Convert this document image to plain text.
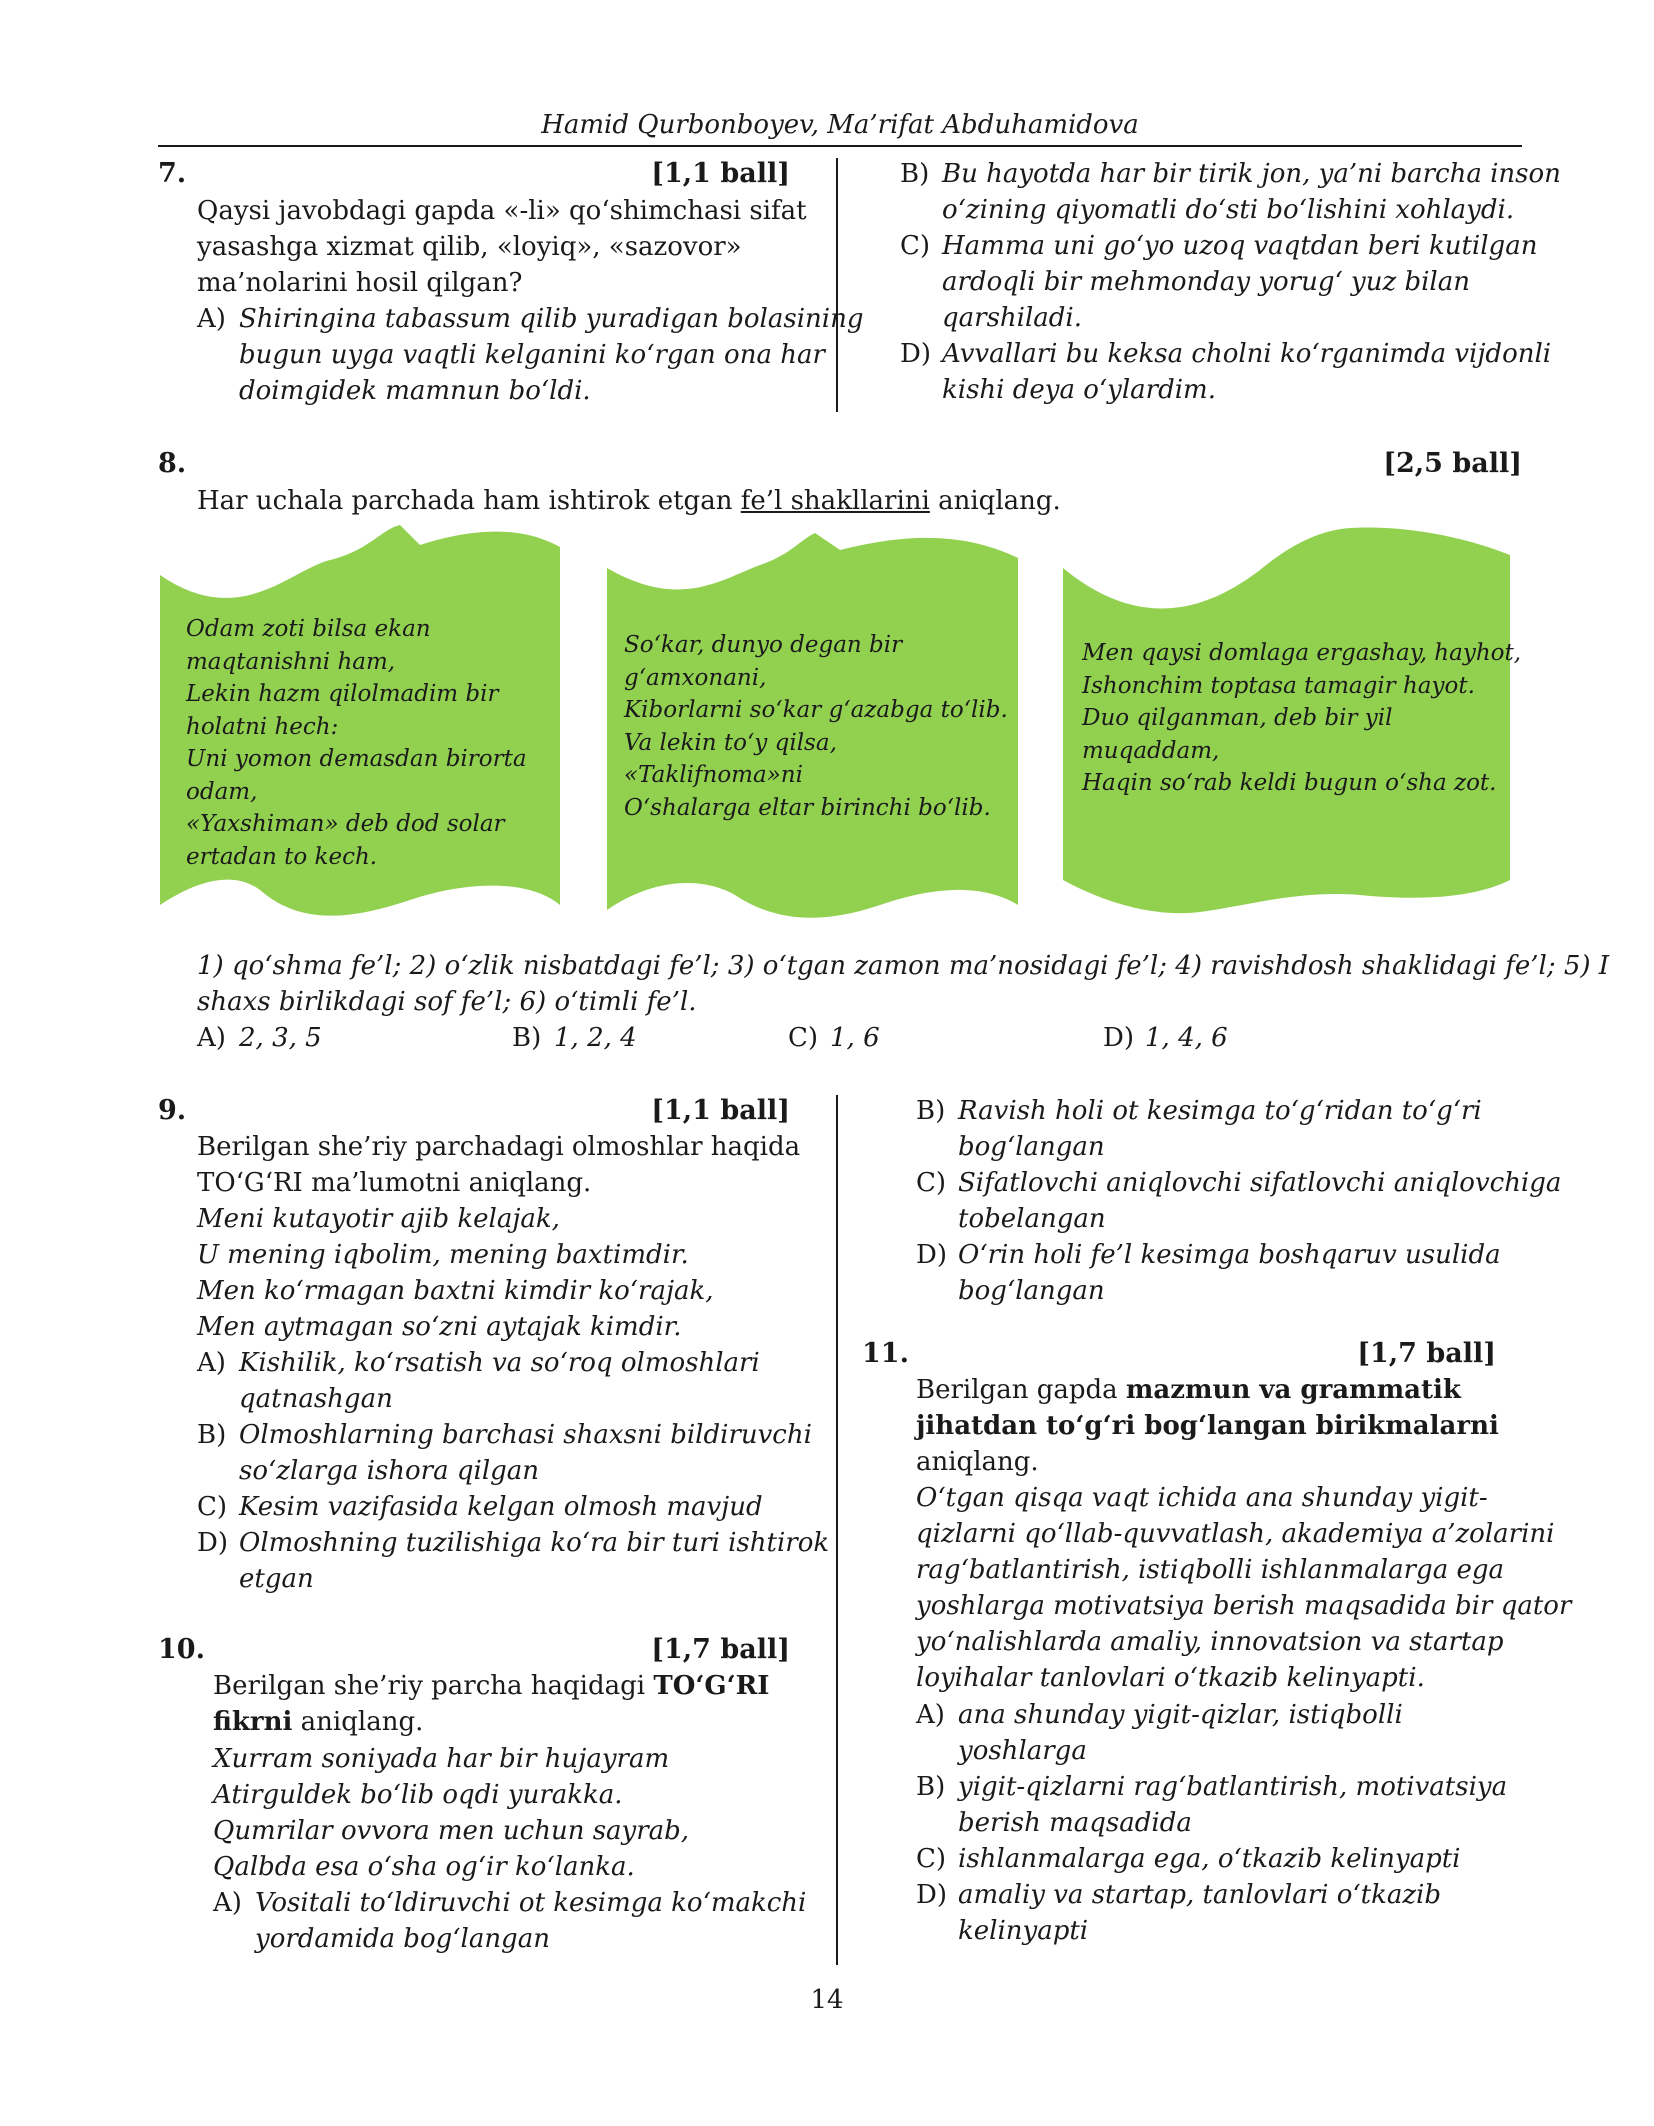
Hamid Qurbonboyev, Ma’rifat Abduhamidova
7.	[1,1 ball]
Qaysi javobdagi gapda «-li» qo‘shimchasi sifat
yasashga xizmat qilib, «loyiq», «sazovor»
ma’nolarini hosil qilgan?
A) Shiringina tabassum qilib yuradigan bolasining
bugun uyga vaqtli kelganini ko‘rgan ona har
doimgidek mamnun bo‘ldi.
B) Bu hayotda har bir tirik jon, ya’ni barcha inson
o‘zining qiyomatli do‘sti bo‘lishini xohlaydi.
C) Hamma uni go‘yo uzoq vaqtdan beri kutilgan
ardoqli bir mehmonday yorug‘ yuz bilan
qarshiladi.
D) Avvallari bu keksa cholni ko‘rganimda vijdonli
kishi deya o‘ylardim.
8.	[2,5 ball]
Har uchala parchada ham ishtirok etgan fe’l shakllarini aniqlang.
Odam zoti bilsa ekan
maqtanishni ham,
Lekin hazm qilolmadim bir
holatni hech:
Uni yomon demasdan birorta
odam,
«Yaxshiman» deb dod solar
ertadan to kech.
So‘kar, dunyo degan bir
g‘amxonani,
Kiborlarni so‘kar g‘azabga to‘lib.
Va lekin to‘y qilsa,
«Taklifnoma»ni
O‘shalarga eltar birinchi bo‘lib.
Men qaysi domlaga ergashay, hayhot,
Ishonchim toptasa tamagir hayot.
Duo qilganman, deb bir yil
muqaddam,
Haqin so‘rab keldi bugun o‘sha zot.
1) qo‘shma fe’l; 2) o‘zlik nisbatdagi fe’l; 3) o‘tgan zamon ma’nosidagi fe’l; 4) ravishdosh shaklidagi fe’l; 5) I
shaxs birlikdagi sof fe’l; 6) o‘timli fe’l.
A) 2, 3, 5	B) 1, 2, 4	C) 1, 6	D) 1, 4, 6
9.	[1,1 ball]
Berilgan she’riy parchadagi olmoshlar haqida
TO‘G‘RI ma’lumotni aniqlang.
Meni kutayotir ajib kelajak,
U mening iqbolim, mening baxtimdir.
Men ko‘rmagan baxtni kimdir ko‘rajak,
Men aytmagan so‘zni aytajak kimdir.
A) Kishilik, ko‘rsatish va so‘roq olmoshlari
qatnashgan
B) Olmoshlarning barchasi shaxsni bildiruvchi
so‘zlarga ishora qilgan
C) Kesim vazifasida kelgan olmosh mavjud
D) Olmoshning tuzilishiga ko‘ra bir turi ishtirok
etgan
10.	[1,7 ball]
Berilgan she’riy parcha haqidagi TO‘G‘RI
fikrni aniqlang.
Xurram soniyada har bir hujayram
Atirguldek bo‘lib oqdi yurakka.
Qumrilar ovvora men uchun sayrab,
Qalbda esa o‘sha og‘ir ko‘lanka.
A) Vositali to‘ldiruvchi ot kesimga ko‘makchi
yordamida bog‘langan
B) Ravish holi ot kesimga to‘g‘ridan to‘g‘ri
bog‘langan
C) Sifatlovchi aniqlovchi sifatlovchi aniqlovchiga
tobelangan
D) O‘rin holi fe’l kesimga boshqaruv usulida
bog‘langan
11.	[1,7 ball]
Berilgan gapda mazmun va grammatik
jihatdan to‘g‘ri bog‘langan birikmalarni
aniqlang.
O‘tgan qisqa vaqt ichida ana shunday yigit-
qizlarni qo‘llab-quvvatlash, akademiya a’zolarini
rag‘batlantirish, istiqbolli ishlanmalarga ega
yoshlarga motivatsiya berish maqsadida bir qator
yo‘nalishlarda amaliy, innovatsion va startap
loyihalar tanlovlari o‘tkazib kelinyapti.
A) ana shunday yigit-qizlar, istiqbolli
yoshlarga
B) yigit-qizlarni rag‘batlantirish, motivatsiya
berish maqsadida
C) ishlanmalarga ega, o‘tkazib kelinyapti
D) amaliy va startap, tanlovlari o‘tkazib
kelinyapti
14
